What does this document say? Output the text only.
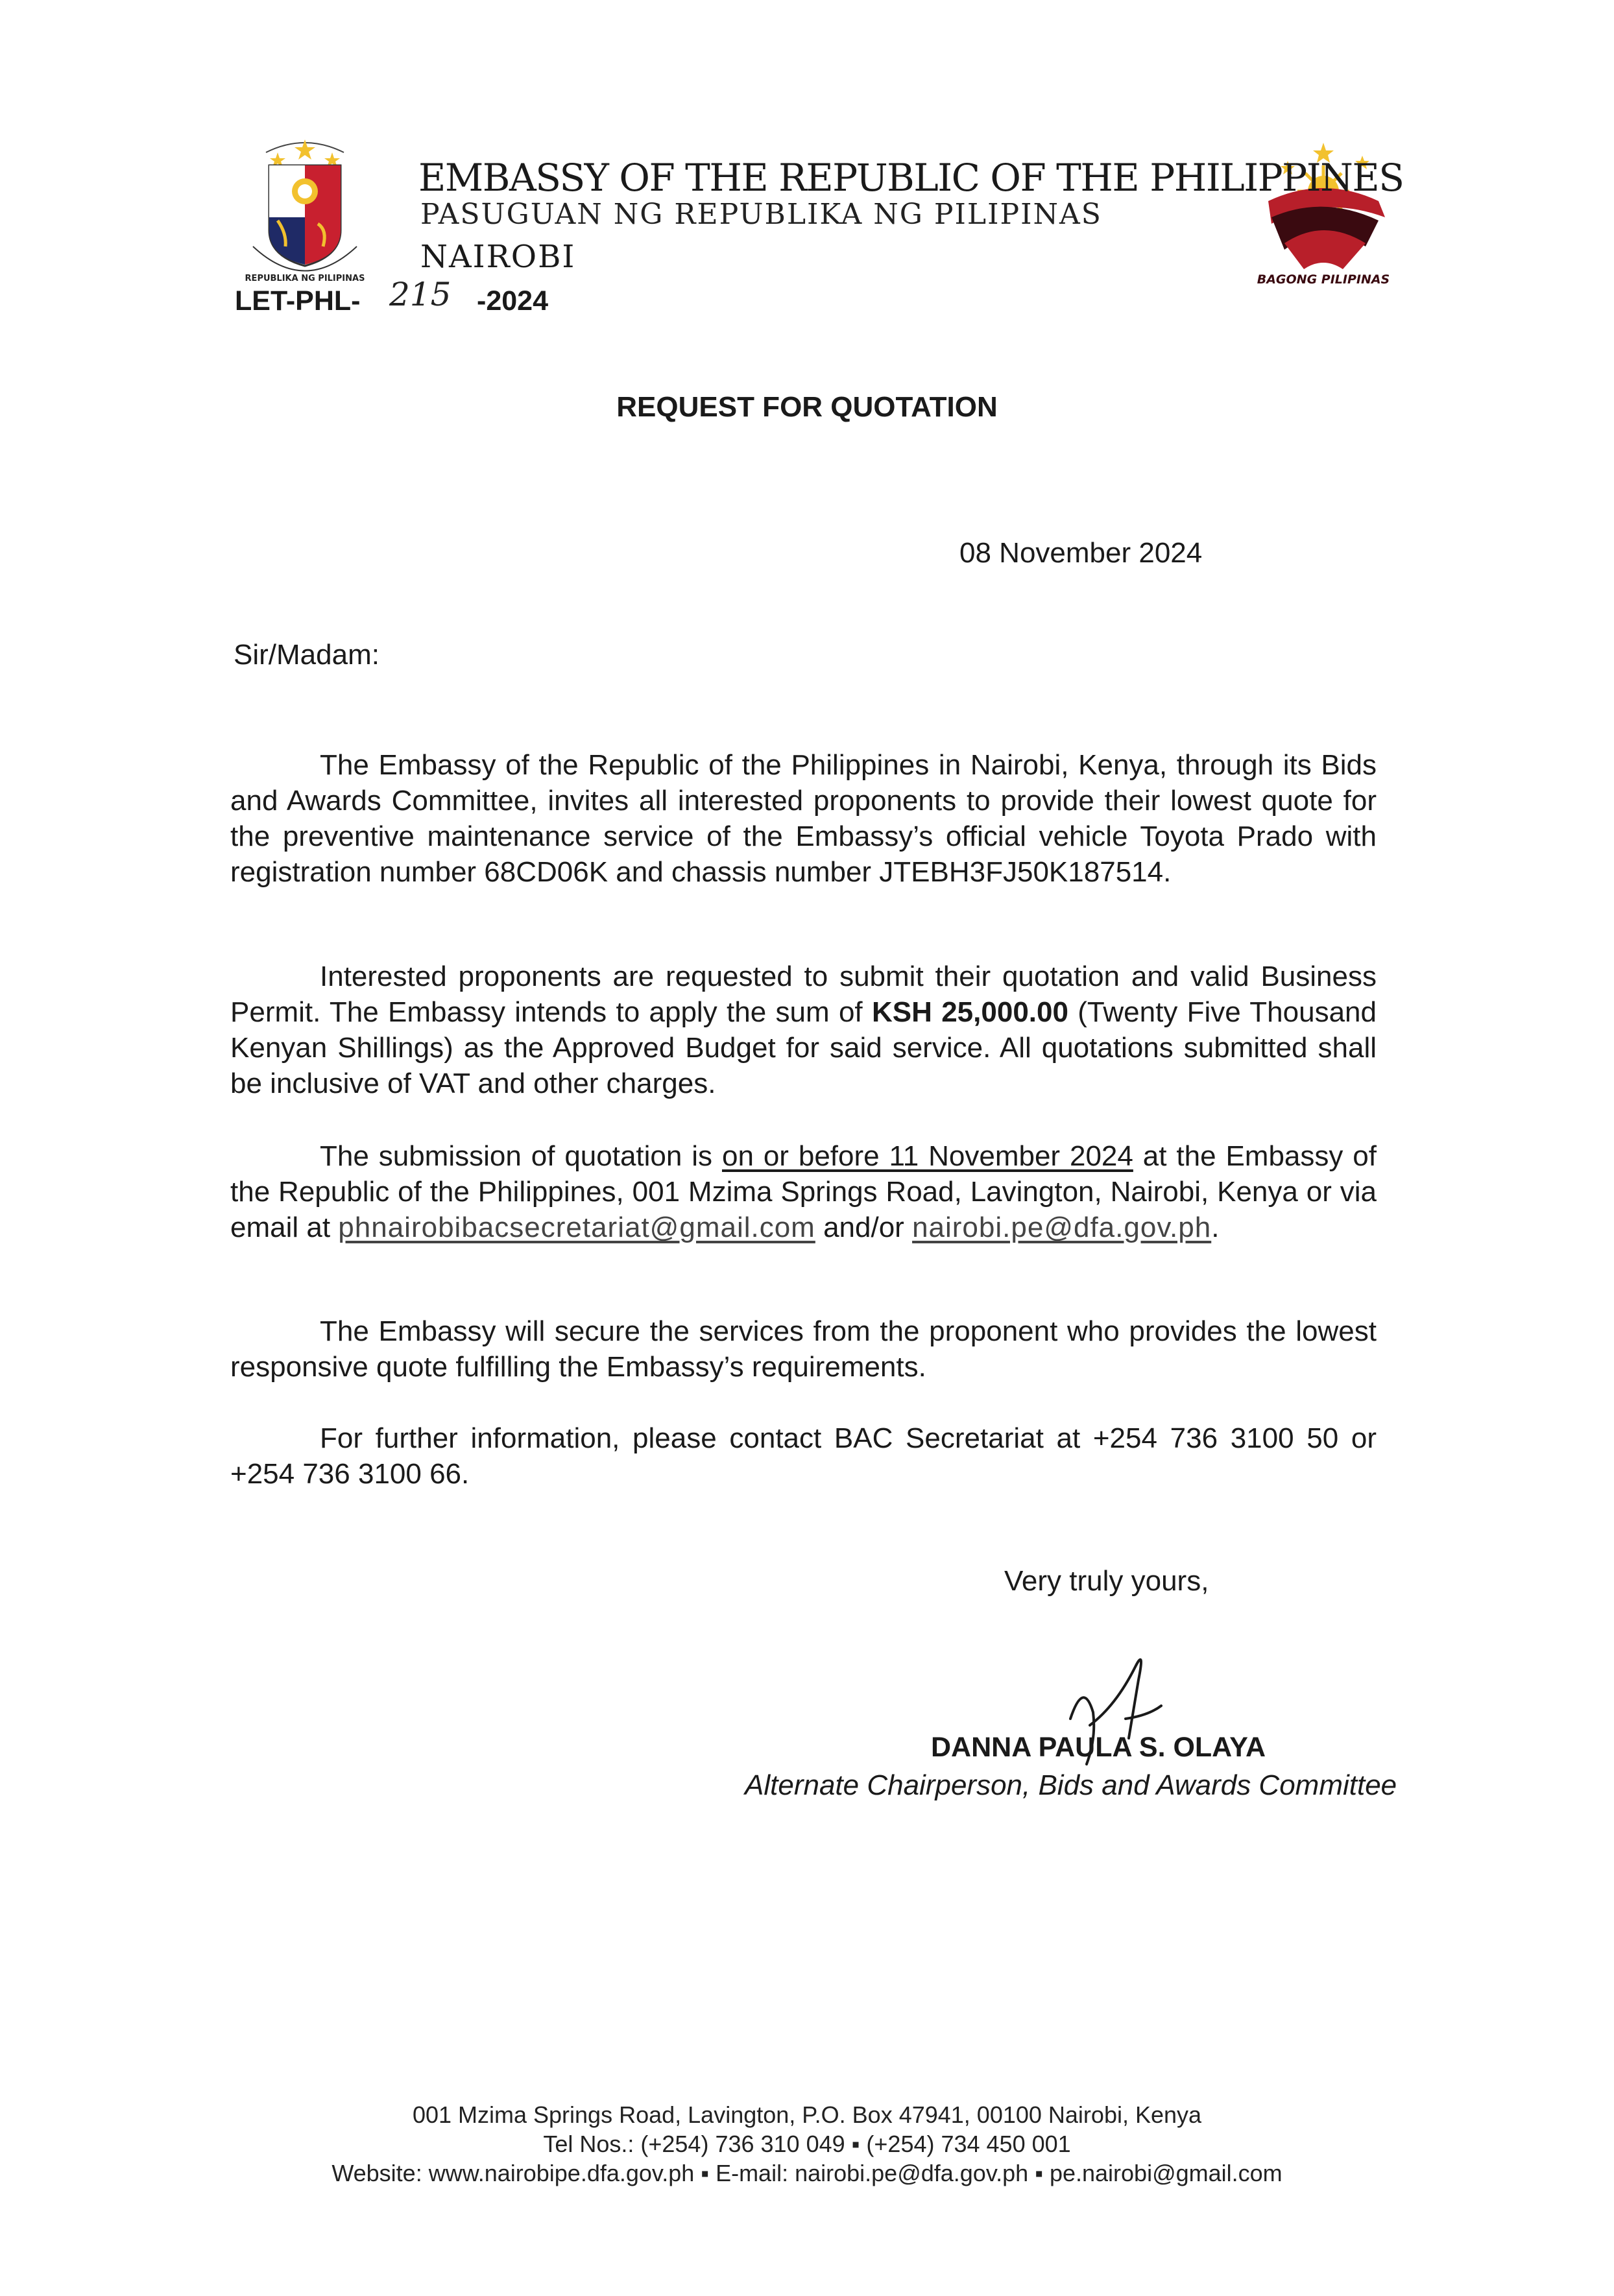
REPUBLIKA NG PILIPINAS	BAGONG PILIPINAS
EMBASSY OF THE REPUBLIC OF THE PHILIPPINES
PASUGUAN NG REPUBLIKA NG PILIPINAS
NAIROBI
LET-PHL- 215 -2024
REQUEST FOR QUOTATION
08 November 2024
Sir/Madam:
The Embassy of the Republic of the Philippines in Nairobi, Kenya, through its Bids and Awards Committee, invites all interested proponents to provide their lowest quote for the preventive maintenance service of the Embassy’s official vehicle Toyota Prado with registration number 68CD06K and chassis number JTEBH3FJ50K187514.
Interested proponents are requested to submit their quotation and valid Business Permit. The Embassy intends to apply the sum of KSH 25,000.00 (Twenty Five Thousand Kenyan Shillings) as the Approved Budget for said service. All quotations submitted shall be inclusive of VAT and other charges.
The submission of quotation is on or before 11 November 2024 at the Embassy of the Republic of the Philippines, 001 Mzima Springs Road, Lavington, Nairobi, Kenya or via email at phnairobibacsecretariat@gmail.com and/or nairobi.pe@dfa.gov.ph.
The Embassy will secure the services from the proponent who provides the lowest responsive quote fulfilling the Embassy’s requirements.
For further information, please contact BAC Secretariat at +254 736 3100 50 or +254 736 3100 66.
Very truly yours,
DANNA PAULA S. OLAYA
Alternate Chairperson, Bids and Awards Committee
001 Mzima Springs Road, Lavington, P.O. Box 47941, 00100 Nairobi, Kenya
Tel Nos.: (+254) 736 310 049 ▪ (+254) 734 450 001
Website: www.nairobipe.dfa.gov.ph ▪ E-mail: nairobi.pe@dfa.gov.ph ▪ pe.nairobi@gmail.com
